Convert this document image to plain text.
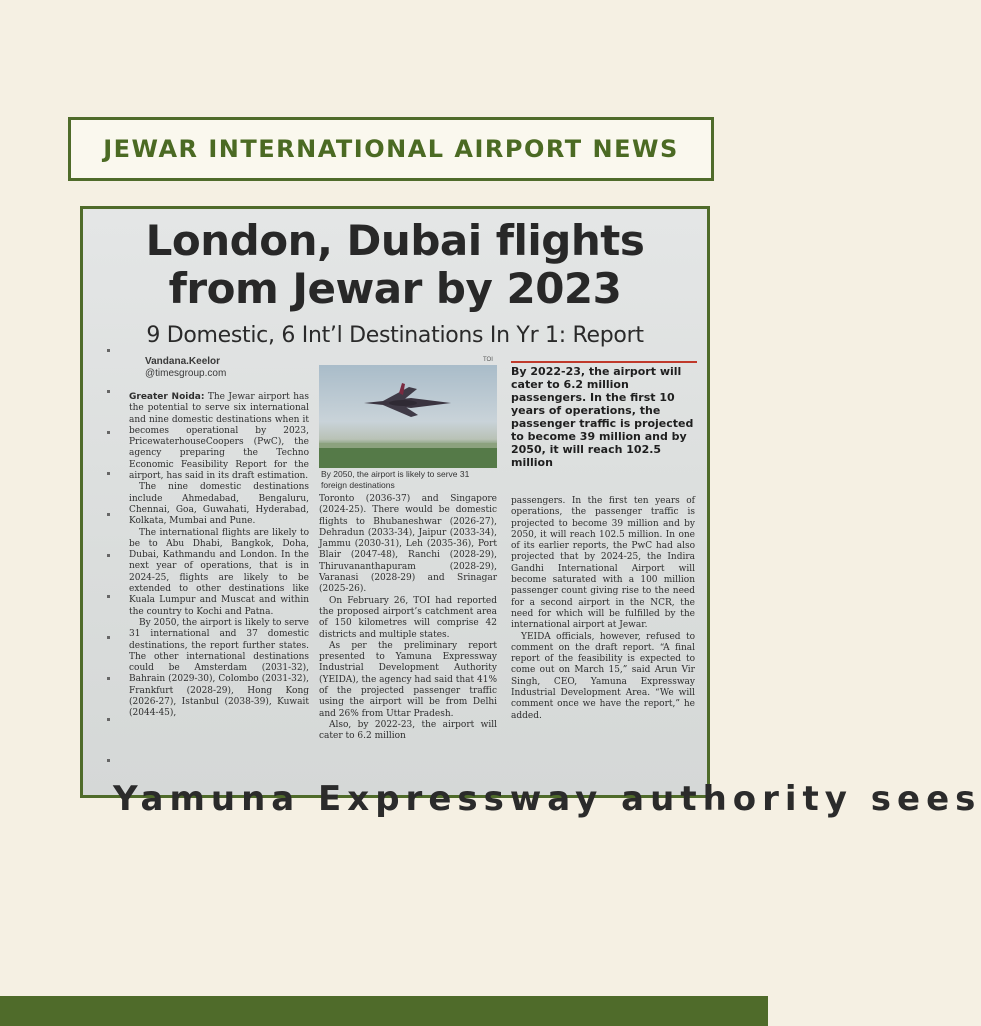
JEWAR INTERNATIONAL AIRPORT NEWS
London, Dubai flights
from Jewar by 2023
9 Domestic, 6 Int’l Destinations In Yr 1: Report
Vandana.Keelor
@timesgroup.com
TOI
By 2050, the airport is likely to serve 31 foreign destinations
By 2022-23, the airport will cater to 6.2 million passengers. In the first 10 years of operations, the passenger traffic is projected to become 39 million and by 2050, it will reach 102.5 million

Greater Noida: The Jewar airport has the potential to serve six international and nine domestic destinations when it becomes operational by 2023, PricewaterhouseCoopers (PwC), the agency preparing the Techno Economic Feasibility Report for the airport, has said in its draft estimation.

The nine domestic destinations include Ahmedabad, Bengaluru, Chennai, Goa, Guwahati, Hyderabad, Kolkata, Mumbai and Pune.

The international flights are likely to be to Abu Dhabi, Bangkok, Doha, Dubai, Kathmandu and London. In the next year of operations, that is in 2024-25, flights are likely to be extended to other destinations like Kuala Lumpur and Muscat and within the country to Kochi and Patna.

By 2050, the airport is likely to serve 31 international and 37 domestic destinations, the report further states. The other international destinations could be Amsterdam (2031-32), Bahrain (2029-30), Colombo (2031-32), Frankfurt (2028-29), Hong Kong (2026-27), Istanbul (2038-39), Kuwait (2044-45),

Toronto (2036-37) and Singapore (2024-25). There would be domestic flights to Bhubaneshwar (2026-27), Dehradun (2033-34), Jaipur (2033-34), Jammu (2030-31), Leh (2035-36), Port Blair (2047-48), Ranchi (2028-29), Thiruvananthapuram (2028-29), Varanasi (2028-29) and Srinagar (2025-26).

On February 26, TOI had reported the proposed airport’s catchment area of 150 kilometres will comprise 42 districts and multiple states.

As per the preliminary report presented to Yamuna Expressway Industrial Development Authority (YEIDA), the agency had said that 41% of the projected passenger traffic using the airport will be from Delhi and 26% from Uttar Pradesh.

Also, by 2022-23, the airport will cater to 6.2 million

passengers. In the first ten years of operations, the passenger traffic is projected to become 39 million and by 2050, it will reach 102.5 million. In one of its earlier reports, the PwC had also projected that by 2024-25, the Indira Gandhi International Airport will become saturated with a 100 million passenger count giving rise to the need for a second airport in the NCR, the need for which will be fulfilled by the international airport at Jewar.

YEIDA officials, however, refused to comment on the draft report. “A final report of the feasibility is expected to come out on March 15,” said Arun Vir Singh, CEO, Yamuna Expressway Industrial Development Area. “We will comment once we have the report,” he added.

Yamuna Expressway authority sees
